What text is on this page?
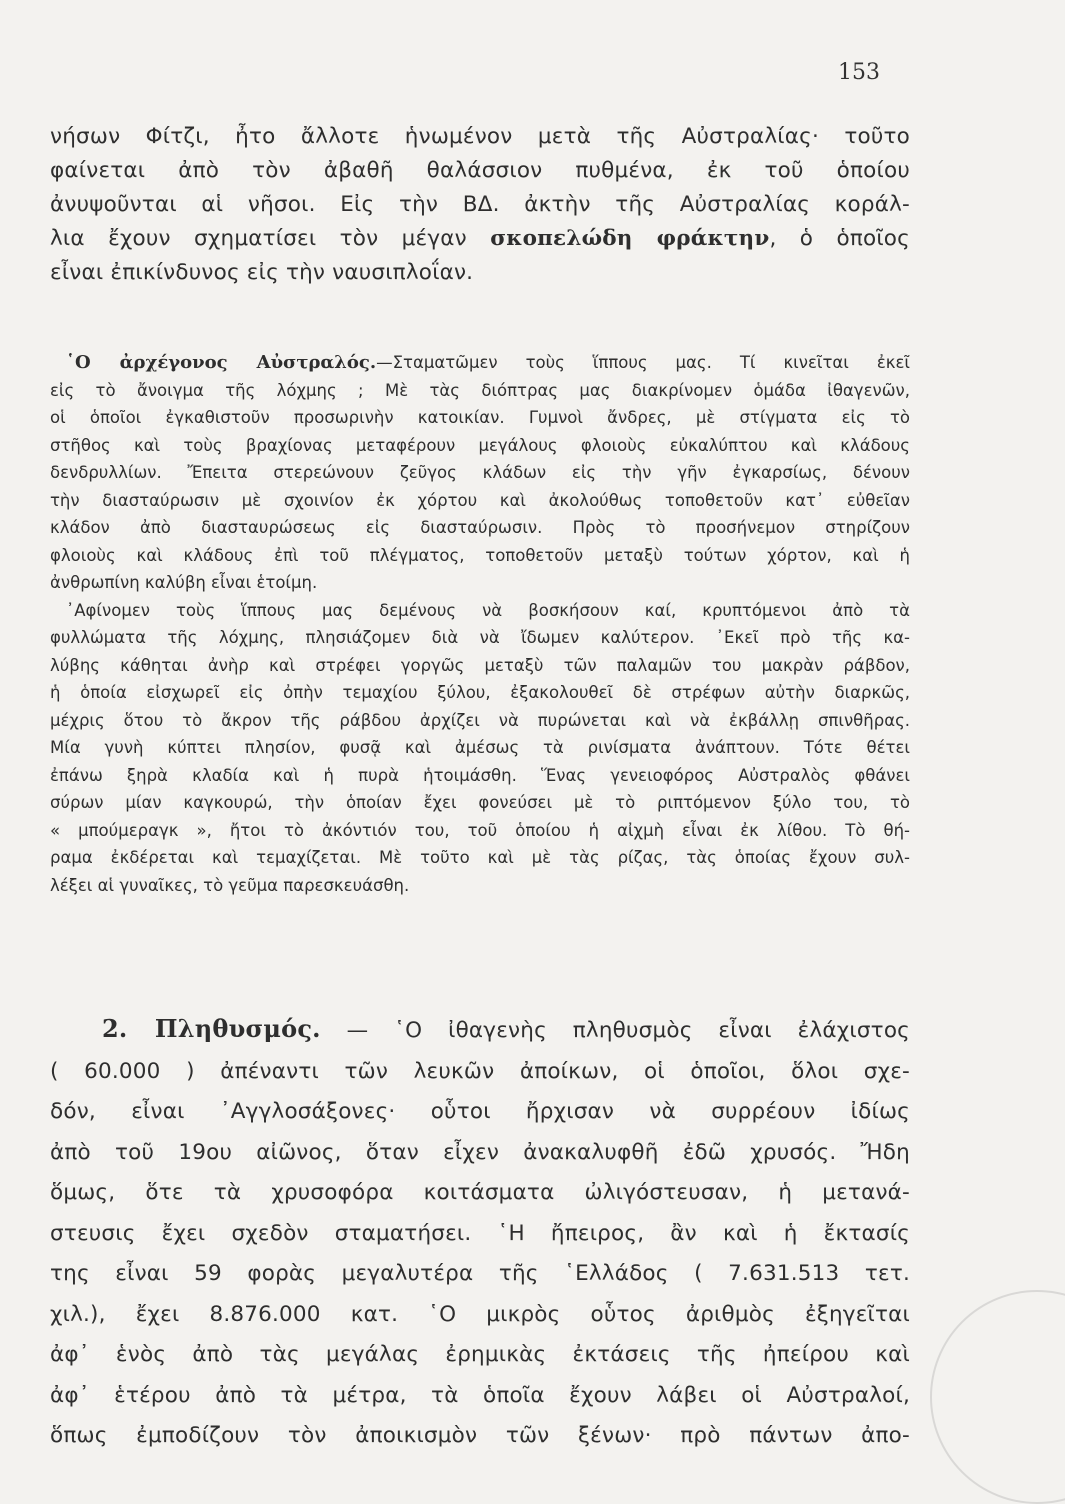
153
νήσων Φίτζι, ἦτο ἄλλοτε ἡνωμένον μετὰ τῆς Αὐστραλίας· τοῦτο
φαίνεται ἀπὸ τὸν ἀβαθῆ θαλάσσιον πυθμένα, ἐκ τοῦ ὁποίου
ἀνυψοῦνται αἱ νῆσοι. Εἰς τὴν ΒΔ. ἀκτὴν τῆς Αὐστραλίας κοράλ-
λια ἔχουν σχηματίσει τὸν μέγαν σκοπελώδη φράκτην, ὁ ὁποῖος
εἶναι ἐπικίνδυνος εἰς τὴν ναυσιπλοΐαν.
῾Ο ἀρχέγονος Αὐστραλός.—Σταματῶμεν τοὺς ἵππους μας. Τί κινεῖται ἐκεῖ
εἰς τὸ ἄνοιγμα τῆς λόχμης ; Μὲ τὰς διόπτρας μας διακρίνομεν ὁμάδα ἰθαγενῶν,
οἱ ὁποῖοι ἐγκαθιστοῦν προσωρινὴν κατοικίαν. Γυμνοὶ ἄνδρες, μὲ στίγματα εἰς τὸ
στῆθος καὶ τοὺς βραχίονας μεταφέρουν μεγάλους φλοιοὺς εὐκαλύπτου καὶ κλάδους
δενδρυλλίων. Ἔπειτα στερεώνουν ζεῦγος κλάδων εἰς τὴν γῆν ἐγκαρσίως, δένουν
τὴν διασταύρωσιν μὲ σχοινίον ἐκ χόρτου καὶ ἀκολούθως τοποθετοῦν κατ᾿ εὐθεῖαν
κλάδον ἀπὸ διασταυρώσεως εἰς διασταύρωσιν. Πρὸς τὸ προσήνεμον στηρίζουν
φλοιοὺς καὶ κλάδους ἐπὶ τοῦ πλέγματος, τοποθετοῦν μεταξὺ τούτων χόρτον, καὶ ἡ
ἀνθρωπίνη καλύβη εἶναι ἑτοίμη.
᾿Αφίνομεν τοὺς ἵππους μας δεμένους νὰ βοσκήσουν καί, κρυπτόμενοι ἀπὸ τὰ
φυλλώματα τῆς λόχμης, πλησιάζομεν διὰ νὰ ἴδωμεν καλύτερον. ᾿Εκεῖ πρὸ τῆς κα-
λύβης κάθηται ἀνὴρ καὶ στρέφει γοργῶς μεταξὺ τῶν παλαμῶν του μακρὰν ράβδον,
ἡ ὁποία εἰσχωρεῖ εἰς ὀπὴν τεμαχίου ξύλου, ἐξακολουθεῖ δὲ στρέφων αὐτὴν διαρκῶς,
μέχρις ὅτου τὸ ἄκρον τῆς ράβδου ἀρχίζει νὰ πυρώνεται καὶ νὰ ἐκβάλλῃ σπινθῆρας.
Μία γυνὴ κύπτει πλησίον, φυσᾷ καὶ ἀμέσως τὰ ρινίσματα ἀνάπτουν. Τότε θέτει
ἐπάνω ξηρὰ κλαδία καὶ ἡ πυρὰ ἡτοιμάσθη. Ἕνας γενειοφόρος Αὐστραλὸς φθάνει
σύρων μίαν καγκουρώ, τὴν ὁποίαν ἔχει φονεύσει μὲ τὸ ριπτόμενον ξύλο του, τὸ
« μπούμεραγκ », ἤτοι τὸ ἀκόντιόν του, τοῦ ὁποίου ἡ αἰχμὴ εἶναι ἐκ λίθου. Τὸ θή-
ραμα ἐκδέρεται καὶ τεμαχίζεται. Μὲ τοῦτο καὶ μὲ τὰς ρίζας, τὰς ὁποίας ἔχουν συλ-
λέξει αἱ γυναῖκες, τὸ γεῦμα παρεσκευάσθη.
2. Πληθυσμός. — ῾Ο ἰθαγενὴς πληθυσμὸς εἶναι ἐλάχιστος
( 60.000 ) ἀπέναντι τῶν λευκῶν ἀποίκων, οἱ ὁποῖοι, ὅλοι σχε-
δόν, εἶναι ᾿Αγγλοσάξονες· οὗτοι ἤρχισαν νὰ συρρέουν ἰδίως
ἀπὸ τοῦ 19ου αἰῶνος, ὅταν εἶχεν ἀνακαλυφθῆ ἐδῶ χρυσός. Ἤδη
ὅμως, ὅτε τὰ χρυσοφόρα κοιτάσματα ὠλιγόστευσαν, ἡ μετανά-
στευσις ἔχει σχεδὸν σταματήσει. ῾Η ἤπειρος, ἂν καὶ ἡ ἔκτασίς
της εἶναι 59 φορὰς μεγαλυτέρα τῆς ῾Ελλάδος ( 7.631.513 τετ.
χιλ.), ἔχει 8.876.000 κατ. ῾Ο μικρὸς οὗτος ἀριθμὸς ἐξηγεῖται
ἀφ᾿ ἑνὸς ἀπὸ τὰς μεγάλας ἐρημικὰς ἐκτάσεις τῆς ἠπείρου καὶ
ἀφ᾿ ἑτέρου ἀπὸ τὰ μέτρα, τὰ ὁποῖα ἔχουν λάβει οἱ Αὐστραλοί,
ὅπως ἐμποδίζουν τὸν ἀποικισμὸν τῶν ξένων· πρὸ πάντων ἀπο-
